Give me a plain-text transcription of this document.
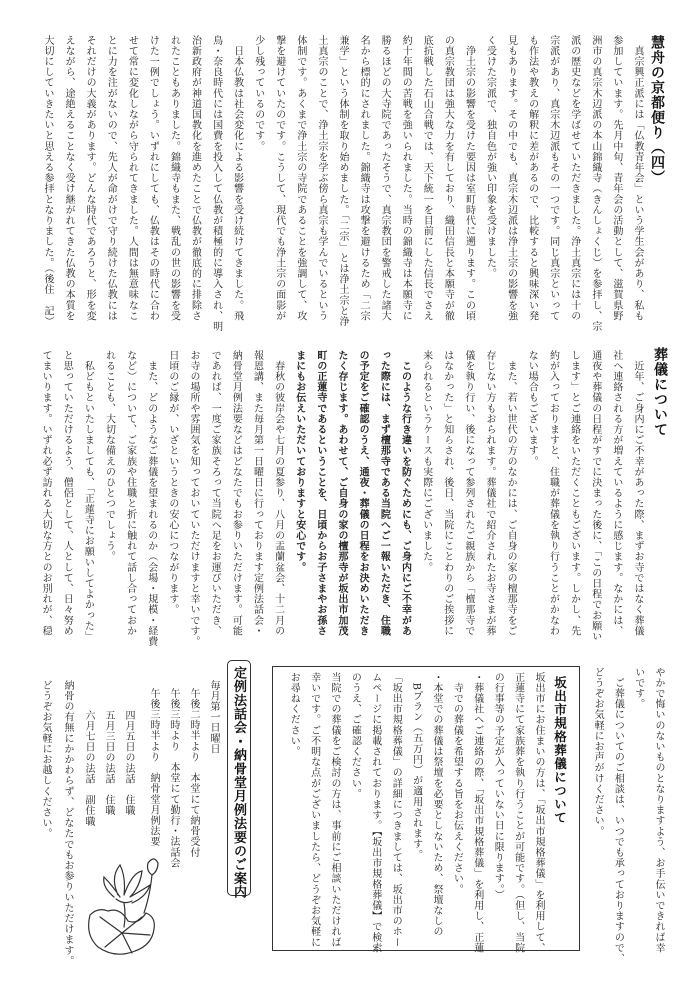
慧舟の京都便り（四）
葬儀について
坂出市規格葬儀について
定例法話会・納骨堂月例法要のご案内
毎月第一日曜日
午後二時半より　本堂にて納骨受付
午後三時より　本堂にて勤行・法話会
午後三時半より　納骨堂月例法要
四月五日の法話　住職
五月三日の法話　住職
六月七日の法話　副住職
納骨の有無にかかわらず、どなたでもお参りいただけます。
どうぞお気軽にお越しください。
　真宗興正派には「仏教青年会」という学生会があり、私も
参加しています。先月中旬、青年会の活動として、滋賀県野
洲市の真宗木辺派の本山錦織寺（きんしょくじ）を参拝し、宗
派の歴史などを学ばせていただきました。浄土真宗には十の
宗派があり、真宗木辺派もその一つです。同じ真宗といって
も作法や教えの解釈に差があるので、比較すると興味深い発
見もあります。その中でも、真宗木辺派は浄土宗の影響を強
く受けた宗派で、独自色が強い印象を受けました。
　浄土宗の影響を受けた要因は室町時代に遡ります。この頃
の真宗教団は強大な力を有しており、織田信長と本願寺が徹
底抗戦した石山合戦では、天下統一を目前にした信長でさえ
約十年間の苦戦を強いられました。当時の錦織寺は本願寺に
勝るほどの大寺院であったそうで、真宗教団を警戒した諸大
名から標的にされました。錦織寺は攻撃を避けるため「二宗
兼学」という体制を取り始めました。「二宗」とは浄土宗と浄
土真宗のことで、浄土宗を学ぶ傍ら真宗も学んでいるという
体制です。あくまで浄土宗の寺院であることを強調して、攻
撃を避けていたのです。こうして、現代でも浄土宗の面影が
少し残っているのです。
　日本仏教は社会変化による影響を受け続けてきました。飛
鳥・奈良時代には国費を投入して仏教が積極的に導入され、明
治新政府が神道国教化を進めたことで仏教が徹底的に排除さ
れたこともありました。錦織寺もまた、戦乱の世の影響を受
けた一例でしょう。いずれにしても、仏教はその時代に合わ
せて常に変化しながら守られてきました。人間は無意味なこ
とに力を注がないので、先人が命がけで守り続けた仏教には
それだけの大義があります。どんな時代であろうと、形を変
えながら、途絶えることなく受け継がれてきた仏教の本質を
大切にしていきたいと思える参拝となりました。（後住　記）
　近年、ご身内にご不幸があった際、まずお寺ではなく葬儀
社へ連絡される方が増えているように感じます。なかには、
通夜や葬儀の日程がすでに決まった後に、「この日程でお願い
します」とご連絡をいただくこともございます。しかし、先
約が入っておりますと、住職が葬儀を執り行うことがかなわ
ない場合もございます。
　また、若い世代の方のなかには、ご自身の家の檀那寺をご
存じない方もおられます。葬儀社で紹介されたお寺さまが葬
儀を執り行い、後になって参列されたご親族から「檀那寺で
はなかった」と知らされ、後日、当院にことわりのご挨拶に
来られるというケースも実際にございました。
　このような行き違いを防ぐためにも、ご身内にご不幸があ
った際には、まず檀那寺である当院へご一報いただき、住職
の予定をご確認のうえ、通夜・葬儀の日程をお決めいただき
たく存じます。あわせて、ご自身の家の檀那寺が坂出市加茂
町の正蓮寺であるということを、日頃からお子さまやお孫さ
まにもお伝えいただいておりますと安心です。
　春秋の彼岸会や七月の夏参り、八月の盂蘭盆会、十二月の
報恩講、また毎月第一日曜日に行っております定例法話会・
納骨堂月例法要などはどなたでもお参りいただけます。可能
であれば、一度ご家族そろって当院へ足をお運びいただき、
お寺の場所や雰囲気を知っておいていただけますと幸いです。
日頃のご縁が、いざというときの安心につながります。
　また、どのようなご葬儀を望まれるのか（会場・規模・経費
など）について、ご家族や住職と折に触れて話し合っておか
れることも、大切な備えのひとつでしょう。
　私どもといたしましても、「正蓮寺にお願いしてよかった」
と思っていただけるよう、僧侶として、人として、日々努め
てまいります。いずれ必ず訪れる大切な方とのお別れが、穏
やかで悔いのないものとなりますよう、お手伝いできれば幸
いです。
　ご葬儀についてのご相談は、いつでも承っておりますので、
どうぞお気軽にお声がけください。
坂出市にお住まいの方は、「坂出市規格葬儀」を利用して、
正蓮寺にて家族葬を執り行うことが可能です。（但し、当院
の行事等の予定が入っていない日に限ります。）
・葬儀社へご連絡の際、「坂出市規格葬儀」を利用し、正蓮
　寺での葬儀を希望する旨をお伝えください。
・本堂での葬儀は祭壇を必要としないため、祭壇なしの
　Bプラン（五万円）が適用されます。
「坂出市規格葬儀」の詳細につきましては、坂出市のホー
ムページに掲載されております。【坂出市規格葬儀】で検索
のうえ、ご確認ください。
当院での葬儀をご検討の方は、事前にご相談いただければ
幸いです。ご不明な点がございましたら、どうぞお気軽に
お尋ねください。
